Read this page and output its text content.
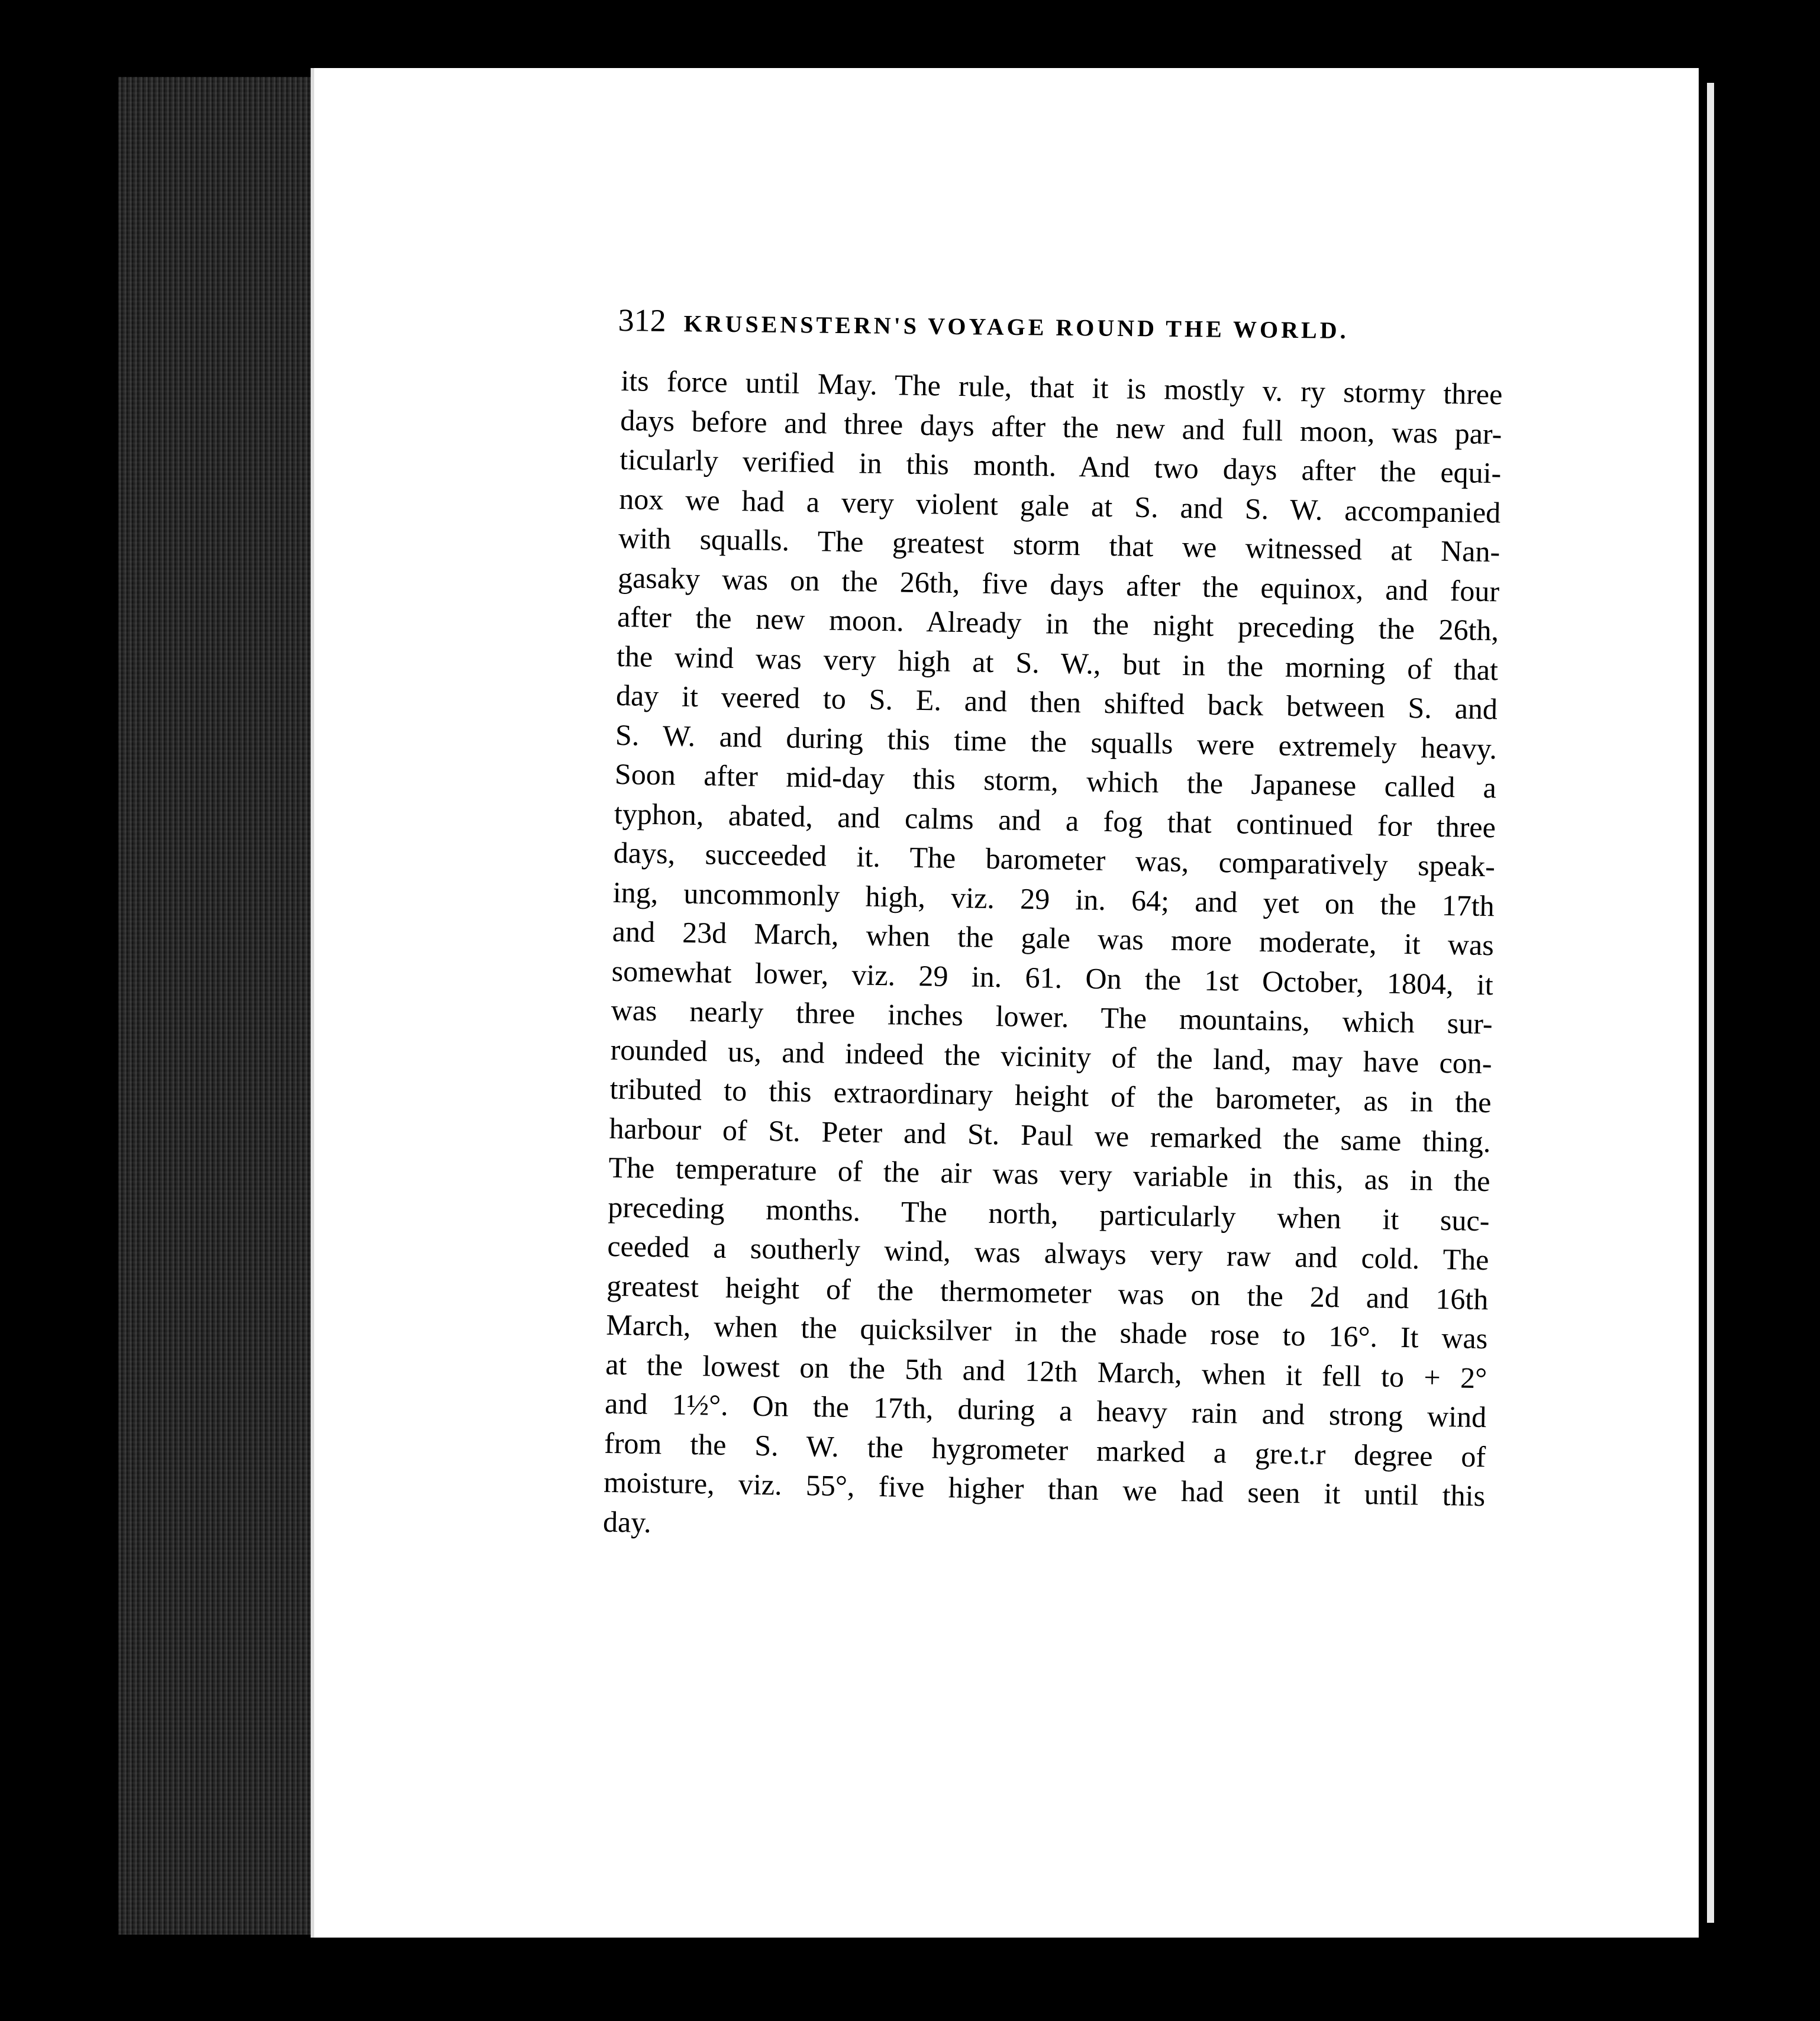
312 KRUSENSTERN'S VOYAGE ROUND THE WORLD.
its force until May. The rule, that it is mostly v. ry stormy three
days before and three days after the new and full moon, was par-
ticularly verified in this month. And two days after the equi-
nox we had a very violent gale at S. and S. W. accompanied
with squalls. The greatest storm that we witnessed at Nan-
gasaky was on the 26th, five days after the equinox, and four
after the new moon. Already in the night preceding the 26th,
the wind was very high at S. W., but in the morning of that
day it veered to S. E. and then shifted back between S. and
S. W. and during this time the squalls were extremely heavy.
Soon after mid-day this storm, which the Japanese called a
typhon, abated, and calms and a fog that continued for three
days, succeeded it. The barometer was, comparatively speak-
ing, uncommonly high, viz. 29 in. 64; and yet on the 17th
and 23d March, when the gale was more moderate, it was
somewhat lower, viz. 29 in. 61. On the 1st October, 1804, it
was nearly three inches lower. The mountains, which sur-
rounded us, and indeed the vicinity of the land, may have con-
tributed to this extraordinary height of the barometer, as in the
harbour of St. Peter and St. Paul we remarked the same thing.
The temperature of the air was very variable in this, as in the
preceding months. The north, particularly when it suc-
ceeded a southerly wind, was always very raw and cold. The
greatest height of the thermometer was on the 2d and 16th
March, when the quicksilver in the shade rose to 16°. It was
at the lowest on the 5th and 12th March, when it fell to + 2°
and 1½°. On the 17th, during a heavy rain and strong wind
from the S. W. the hygrometer marked a gre.t.r degree of
moisture, viz. 55°, five higher than we had seen it until this
day.
